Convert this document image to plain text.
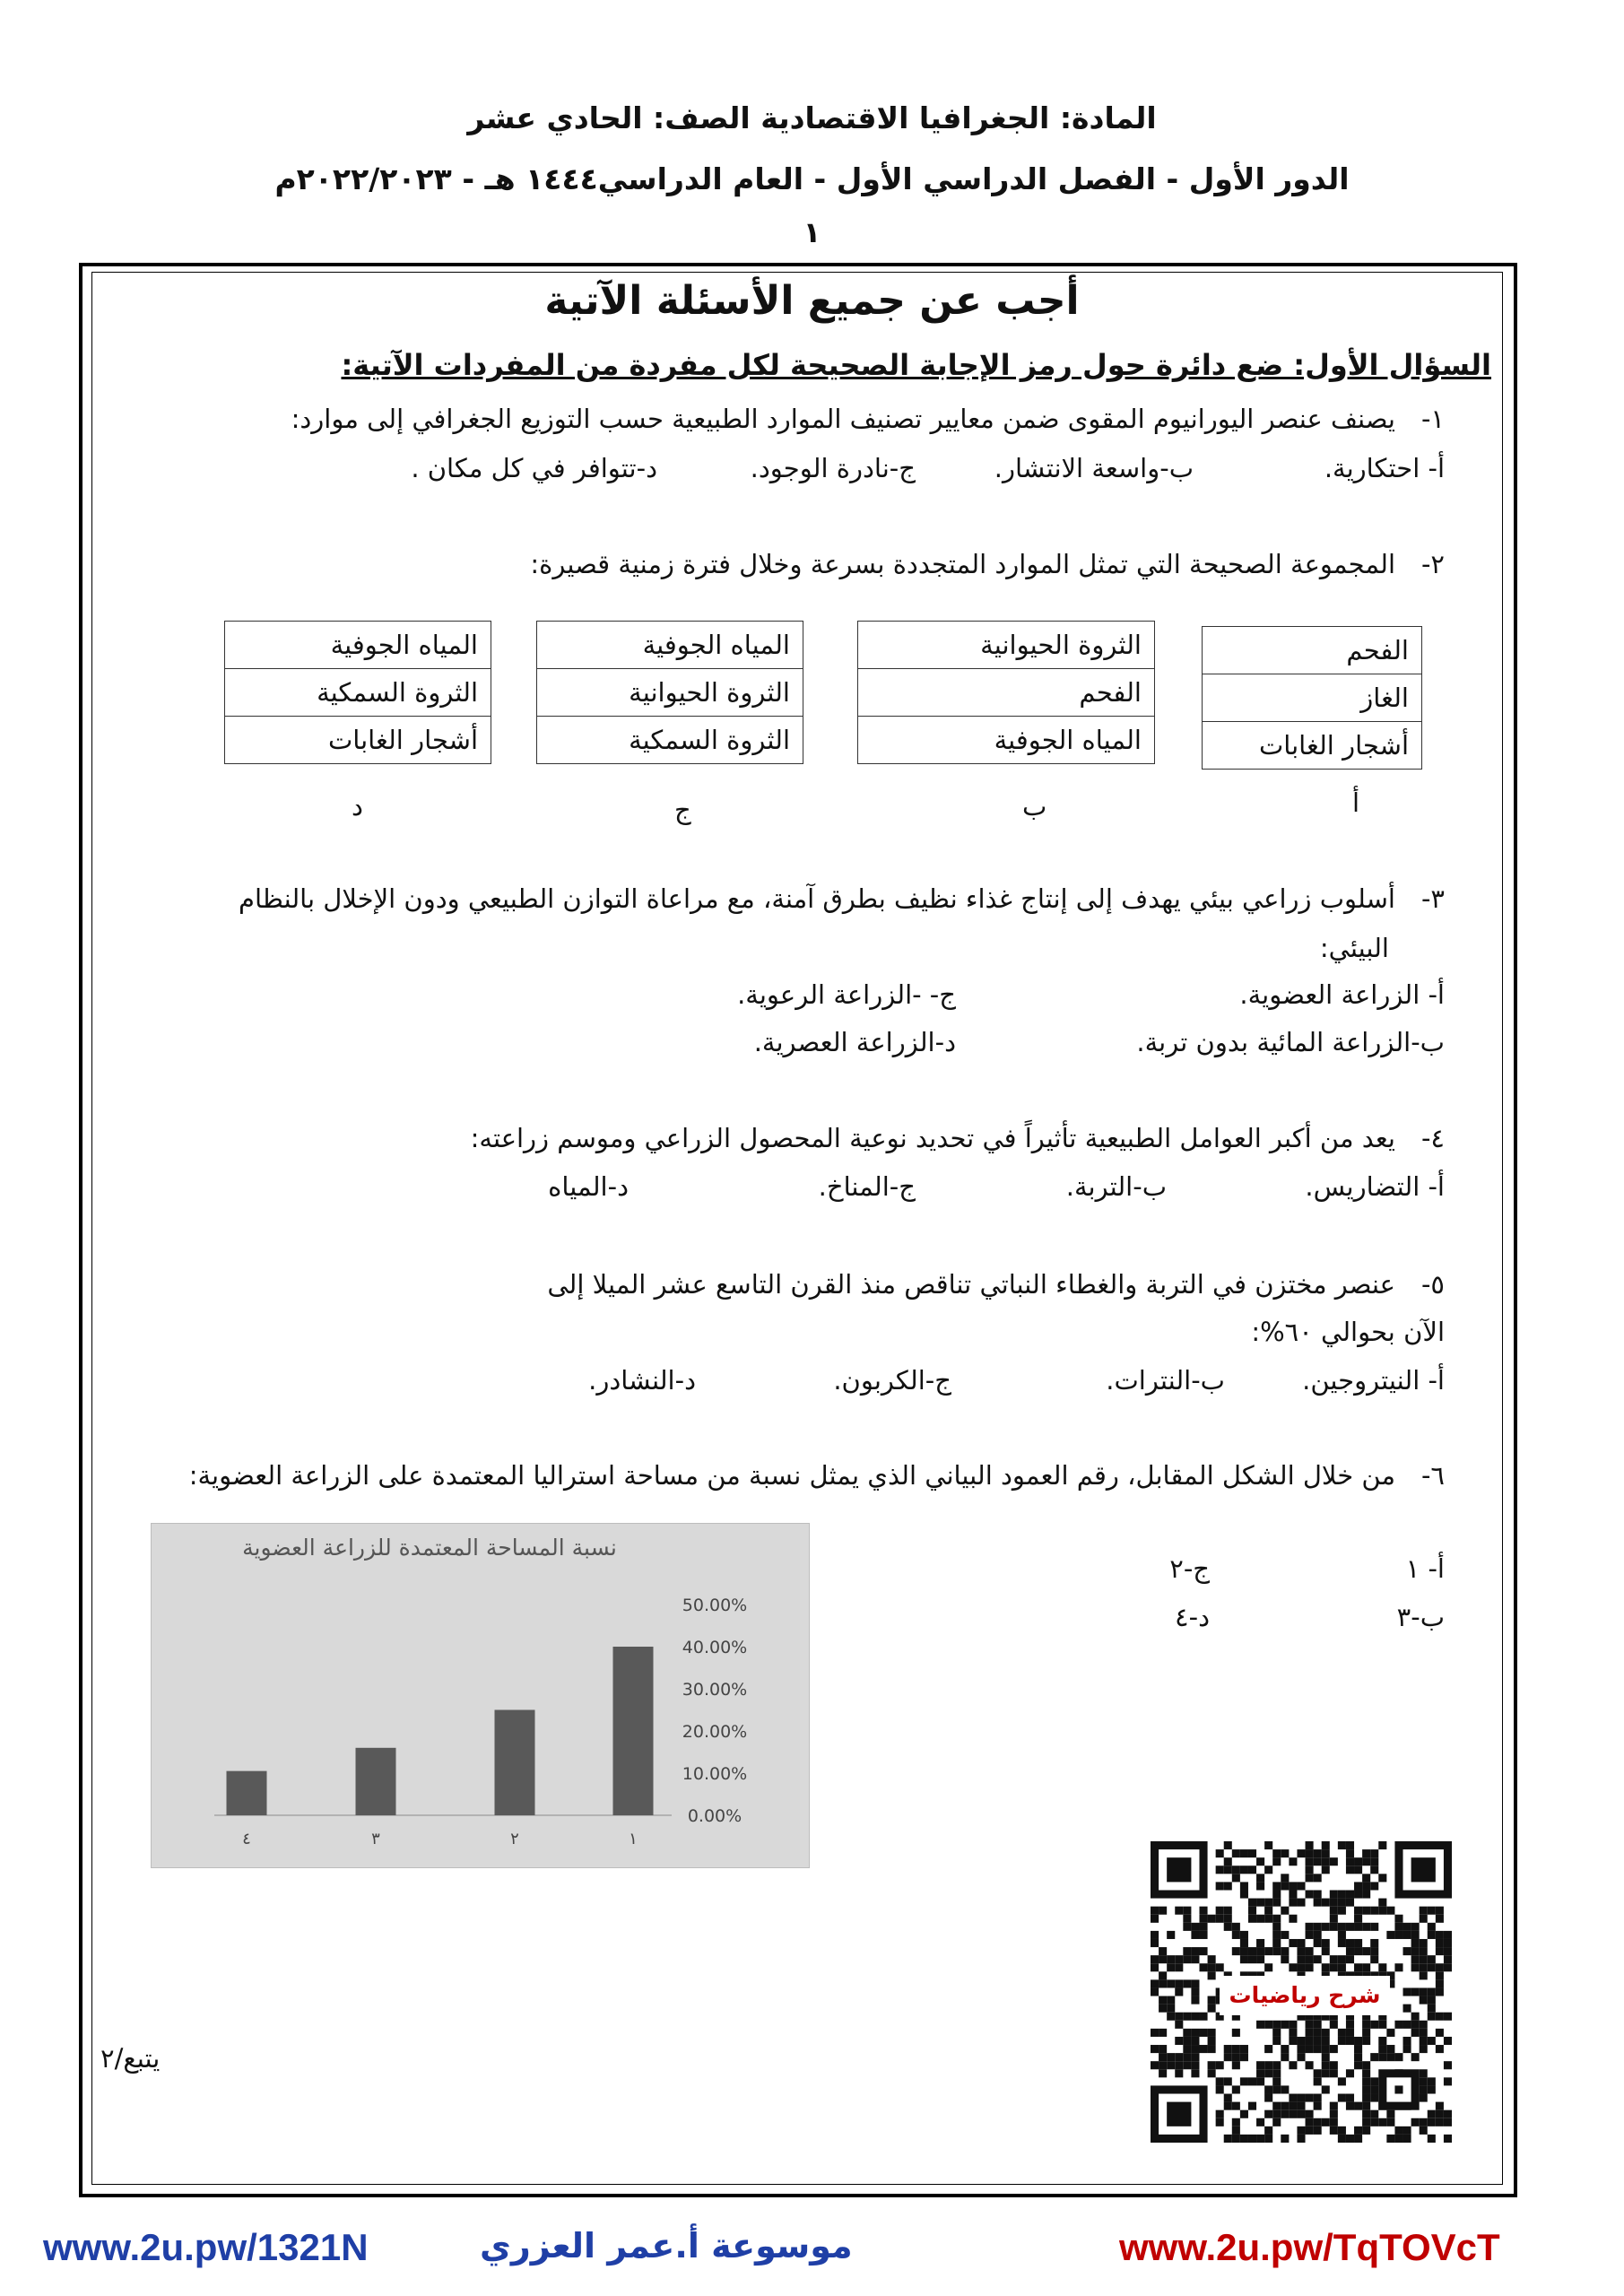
المادة: الجغرافيا الاقتصادية الصف: الحادي عشر
الدور الأول - الفصل الدراسي الأول - العام الدراسي١٤٤٤ هـ - ٢٠٢٢/٢٠٢٣م
١
أجب عن جميع الأسئلة الآتية
السؤال الأول: ضع دائرة حول رمز الإجابة الصحيحة لكل مفردة من المفردات الآتية:
١-
يصنف عنصر اليورانيوم المقوى ضمن معايير تصنيف الموارد الطبيعية حسب التوزيع الجغرافي إلى موارد:
أ- احتكارية.
ب-واسعة الانتشار.
ج-نادرة الوجود.
د-تتوافر في كل مكان .
٢-
المجموعة الصحيحة التي تمثل الموارد المتجددة بسرعة وخلال فترة زمنية قصيرة:
الفحم
الغاز
أشجار الغابات
الثروة الحيوانية
الفحم
المياه الجوفية
المياه الجوفية
الثروة الحيوانية
الثروة السمكية
المياه الجوفية
الثروة السمكية
أشجار الغابات
أ
ب
ج
د
٣-
أسلوب زراعي بيئي يهدف إلى إنتاج غذاء نظيف بطرق آمنة، مع مراعاة التوازن الطبيعي ودون الإخلال بالنظام
البيئي:
أ- الزراعة العضوية.
ج- -الزراعة الرعوية.
ب-الزراعة المائية بدون تربة.
د-الزراعة العصرية.
٤-
يعد من أكبر العوامل الطبيعية تأثيراً في تحديد نوعية المحصول الزراعي وموسم زراعته:
أ- التضاريس.
ب-التربة.
ج-المناخ.
د-المياه
٥-
عنصر مختزن في التربة والغطاء النباتي تناقص منذ القرن التاسع عشر الميلا إلى
الآن بحوالي ٦٠%:
أ- النيتروجين.
ب-النترات.
ج-الكربون.
د-النشادر.
٦-
من خلال الشكل المقابل، رقم العمود البياني الذي يمثل نسبة من مساحة استراليا المعتمدة على الزراعة العضوية:
أ- ١
ج-٢
ب-٣
د-٤
نسبة المساحة المعتمدة للزراعة العضوية
0.00%
10.00%
20.00%
30.00%
40.00%
50.00%
١
٢
٣
٤
شرح رياضيات
يتبع/٢
www.2u.pw/1321N	موسوعة أ.عمر العزري	www.2u.pw/TqTOVcT
